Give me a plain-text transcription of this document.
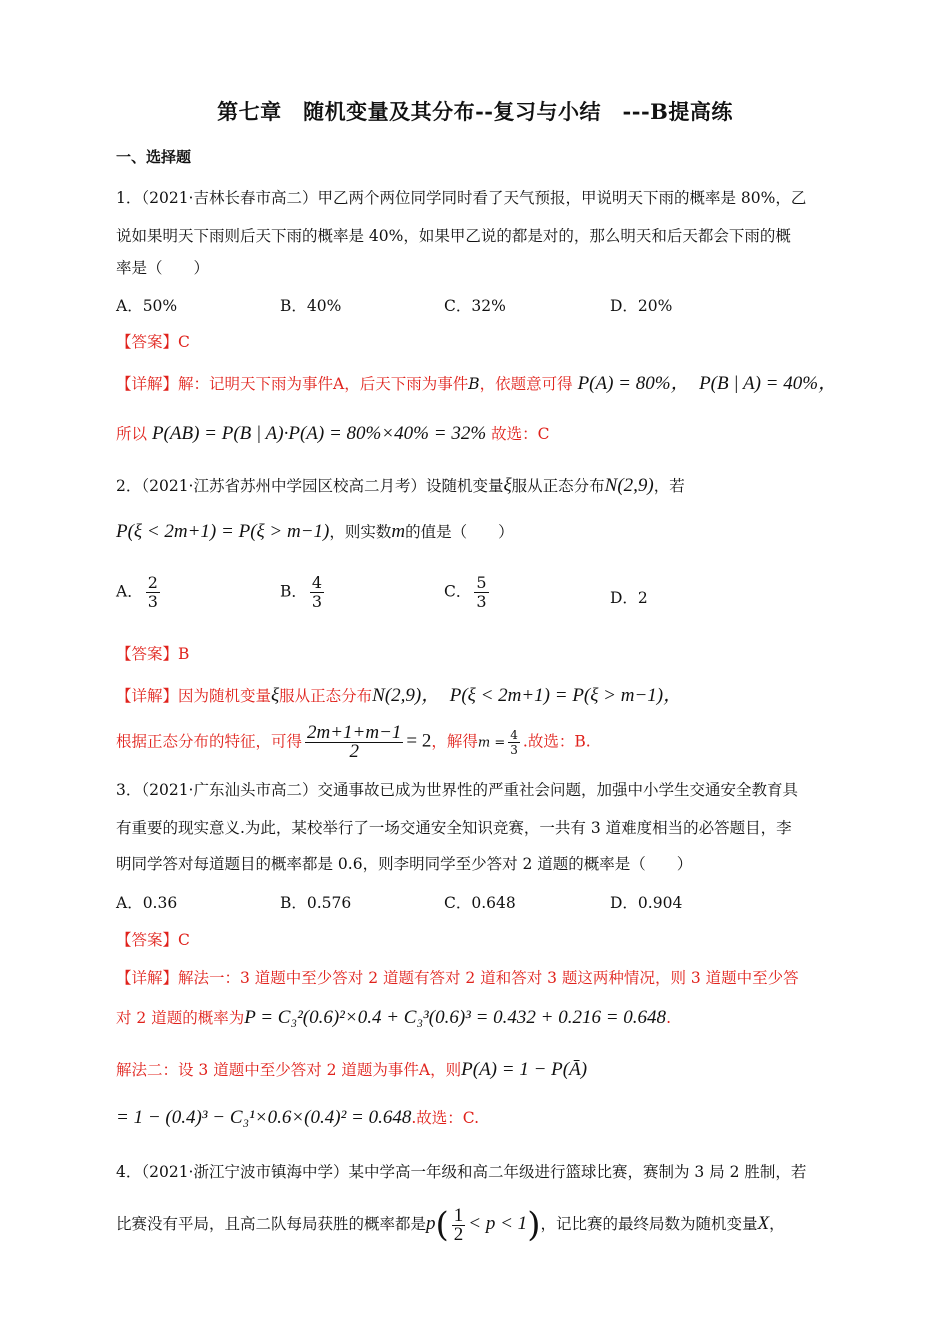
第七章　随机变量及其分布--复习与小结　---B提高练
一、选择题
1．（2021·吉林长春市高二）甲乙两个两位同学同时看了天气预报，甲说明天下雨的概率是 80%，乙
说如果明天下雨则后天下雨的概率是 40%，如果甲乙说的都是对的，那么明天和后天都会下雨的概
率是（　　）
A．50%	B．40%	C．32%	D．20%
【答案】C
【详解】解：记明天下雨为事件A，后天下雨为事件B，依题意可得 P(A) = 80%，　P(B | A) = 40%，
所以 P(AB) = P(B | A)·P(A) = 80%×40% = 32% 故选：C
2．（2021·江苏省苏州中学园区校高二月考）设随机变量ξ服从正态分布N(2,9)，若
P(ξ < 2m+1) = P(ξ > m−1)，则实数m的值是（　　）
A． $\frac{2}{3}$	B． $\frac{4}{3}$	C． $\frac{5}{3}$	D．2
【答案】B
【详解】因为随机变量ξ服从正态分布N(2,9)，　P(ξ < 2m+1) = P(ξ > m−1)，
根据正态分布的特征，可得 $\frac{2m+1+m-1}{2} = 2$，解得$m = \frac{4}{3}$ .故选：B.
3．（2021·广东汕头市高二）交通事故已成为世界性的严重社会问题，加强中小学生交通安全教育具
有重要的现实意义.为此，某校举行了一场交通安全知识竞赛，一共有 3 道难度相当的必答题目，李
明同学答对每道题目的概率都是 0.6，则李明同学至少答对 2 道题的概率是（　　）
A．0.36	B．0.576	C．0.648	D．0.904
【答案】C
【详解】解法一：3 道题中至少答对 2 道题有答对 2 道和答对 3 题这两种情况，则 3 道题中至少答
对 2 道题的概率为P = C₃²(0.6)²×0.4 + C₃³(0.6)³ = 0.432 + 0.216 = 0.648.
解法二：设 3 道题中至少答对 2 道题为事件A，则P(A) = 1 − P(Ā)
= 1 − (0.4)³ − C₃¹×0.6×(0.4)² = 0.648.故选：C.
4．（2021·浙江宁波市镇海中学）某中学高一年级和高二年级进行篮球比赛，赛制为 3 局 2 胜制，若
比赛没有平局，且高二队每局获胜的概率都是$p( \frac{1}{2} < p < 1)$，记比赛的最终局数为随机变量X，
